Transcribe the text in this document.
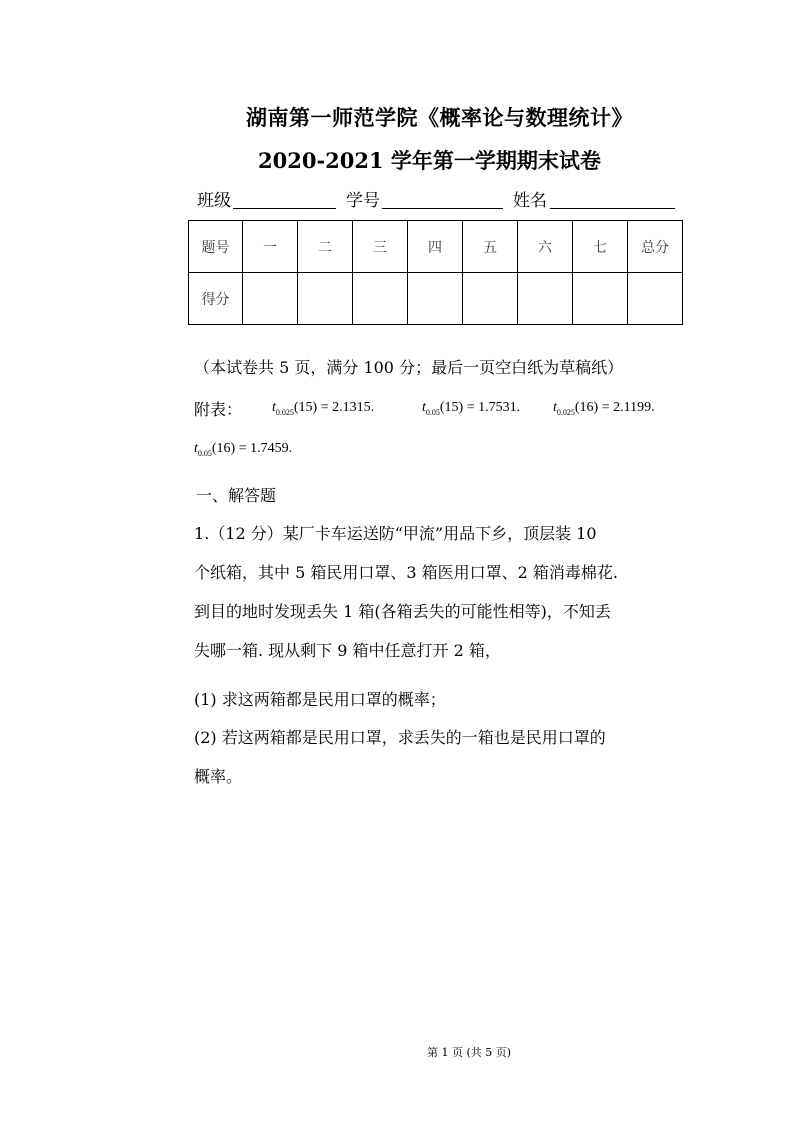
湖南第一师范学院《概率论与数理统计》
2020-2021 学年第一学期期末试卷
班级	学号	姓名
题号	一	二	三	四	五	六	七	总分
得分								
（本试卷共 5 页，满分 100 分；最后一页空白纸为草稿纸）
附表： $t_{0.025}(15) = 2.1315$.	$t_{0.05}(15) = 1.7531$. $t_{0.025}(16) = 2.1199$.
$t_{0.05}(16) = 1.7459$.
一、解答题
1.（12 分）某厂卡车运送防“甲流”用品下乡，顶层装 10
个纸箱，其中 5 箱民用口罩、3 箱医用口罩、2 箱消毒棉花.
到目的地时发现丢失 1 箱(各箱丢失的可能性相等)，不知丢
失哪一箱. 现从剩下 9 箱中任意打开 2 箱，
(1) 求这两箱都是民用口罩的概率；
(2) 若这两箱都是民用口罩，求丢失的一箱也是民用口罩的
概率。
第 1 页 (共 5 页)
